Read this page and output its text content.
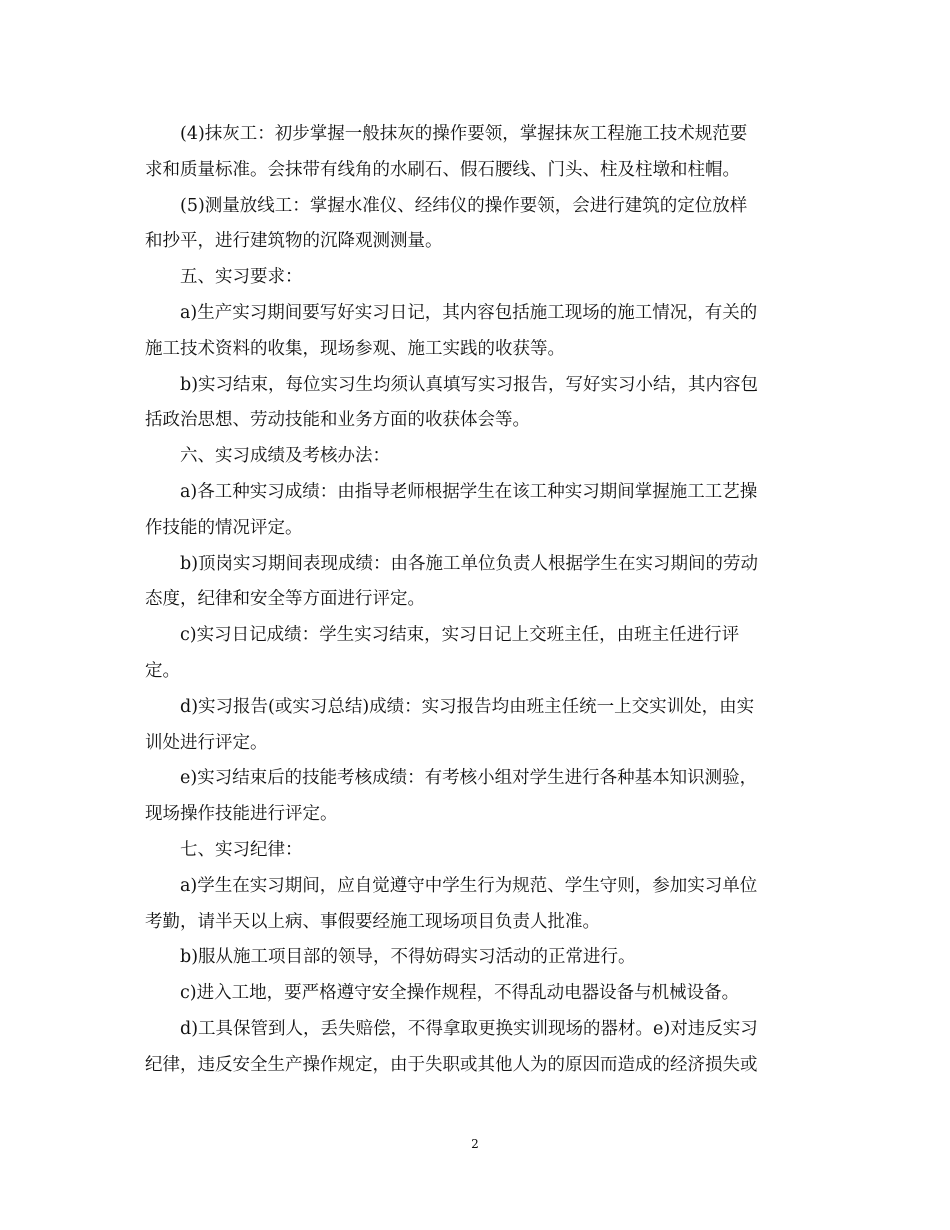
(4)抹灰工：初步掌握一般抹灰的操作要领，掌握抹灰工程施工技术规范要
求和质量标准。会抹带有线角的水刷石、假石腰线、门头、柱及柱墩和柱帽。

(5)测量放线工：掌握水准仪、经纬仪的操作要领，会进行建筑的定位放样
和抄平，进行建筑物的沉降观测测量。

五、实习要求：

a)生产实习期间要写好实习日记，其内容包括施工现场的施工情况，有关的
施工技术资料的收集，现场参观、施工实践的收获等。

b)实习结束，每位实习生均须认真填写实习报告，写好实习小结，其内容包
括政治思想、劳动技能和业务方面的收获体会等。

六、实习成绩及考核办法：

a)各工种实习成绩：由指导老师根据学生在该工种实习期间掌握施工工艺操
作技能的情况评定。

b)顶岗实习期间表现成绩：由各施工单位负责人根据学生在实习期间的劳动
态度，纪律和安全等方面进行评定。

c)实习日记成绩：学生实习结束，实习日记上交班主任，由班主任进行评
定。

d)实习报告(或实习总结)成绩：实习报告均由班主任统一上交实训处，由实
训处进行评定。

e)实习结束后的技能考核成绩：有考核小组对学生进行各种基本知识测验，
现场操作技能进行评定。

七、实习纪律：

a)学生在实习期间，应自觉遵守中学生行为规范、学生守则，参加实习单位
考勤，请半天以上病、事假要经施工现场项目负责人批准。

b)服从施工项目部的领导，不得妨碍实习活动的正常进行。

c)进入工地，要严格遵守安全操作规程，不得乱动电器设备与机械设备。

d)工具保管到人，丢失赔偿，不得拿取更换实训现场的器材。e)对违反实习
纪律，违反安全生产操作规定，由于失职或其他人为的原因而造成的经济损失或

2
